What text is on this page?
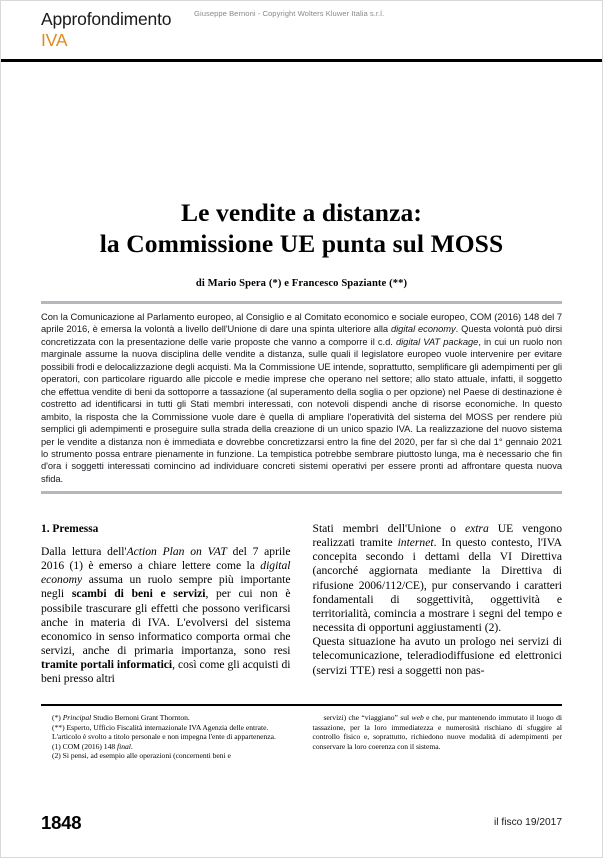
Approfondimento
IVA
Giuseppe Bernoni - Copyright Wolters Kluwer Italia s.r.l.
Le vendite a distanza:
la Commissione UE punta sul MOSS
di Mario Spera (*) e Francesco Spaziante (**)

Con la Comunicazione al Parlamento europeo, al Consiglio e al Comitato economico e sociale europeo, COM (2016) 148 del 7 aprile 2016, è emersa la volontà a livello dell'Unione di dare una spinta ulteriore alla digital economy. Questa volontà può dirsi concretizzata con la presentazione delle varie proposte che vanno a comporre il c.d. digital VAT package, in cui un ruolo non marginale assume la nuova disciplina delle vendite a distanza, sulle quali il legislatore europeo vuole intervenire per evitare possibili frodi e delocalizzazione degli acquisti. Ma la Commissione UE intende, soprattutto, semplificare gli adempimenti per gli operatori, con particolare riguardo alle piccole e medie imprese che operano nel settore; allo stato attuale, infatti, il soggetto che effettua vendite di beni da sottoporre a tassazione (al superamento della soglia o per opzione) nel Paese di destinazione è costretto ad identificarsi in tutti gli Stati membri interessati, con notevoli dispendi anche di risorse economiche. In questo ambito, la risposta che la Commissione vuole dare è quella di ampliare l'operatività del sistema del MOSS per rendere più semplici gli adempimenti e proseguire sulla strada della creazione di un unico spazio IVA. La realizzazione del nuovo sistema per le vendite a distanza non è immediata e dovrebbe concretizzarsi entro la fine del 2020, per far sì che dal 1° gennaio 2021 lo strumento possa entrare pienamente in funzione. La tempistica potrebbe sembrare piuttosto lunga, ma è necessario che fin d'ora i soggetti interessati comincino ad individuare concreti sistemi operativi per essere pronti ad affrontare questa nuova sfida.

1. Premessa

Dalla lettura dell'Action Plan on VAT del 7 aprile 2016 (1) è emerso a chiare lettere come la digital economy assuma un ruolo sempre più importante negli scambi di beni e servizi, per cui non è possibile trascurare gli effetti che possono verificarsi anche in materia di IVA. L'evolversi del sistema economico in senso informatico comporta ormai che servizi, anche di primaria importanza, sono resi tramite portali informatici, così come gli acquisti di beni presso altri

Stati membri dell'Unione o extra UE vengono realizzati tramite internet. In questo contesto, l'IVA concepita secondo i dettami della VI Direttiva (ancorché aggiornata mediante la Direttiva di rifusione 2006/112/CE), pur conservando i caratteri fondamentali di soggettività, oggettività e territorialità, comincia a mostrare i segni del tempo e necessita di opportuni aggiustamenti (2).

Questa situazione ha avuto un prologo nei servizi di telecomunicazione, teleradiodiffusione ed elettronici (servizi TTE) resi a soggetti non pas-

(*) Principal Studio Bernoni Grant Thornton.

(**) Esperto, Ufficio Fiscalità internazionale IVA Agenzia delle entrate.

L'articolo è svolto a titolo personale e non impegna l'ente di appartenenza.

(1) COM (2016) 148 final.

(2) Si pensi, ad esempio alle operazioni (concernenti beni e

servizi) che “viaggiano” sul web e che, pur mantenendo immutato il luogo di tassazione, per la loro immediatezza e numerosità rischiano di sfuggire al controllo fisico e, soprattutto, richiedono nuove modalità di adempimenti per conservare la loro coerenza con il sistema.

1848	il fisco 19/2017
